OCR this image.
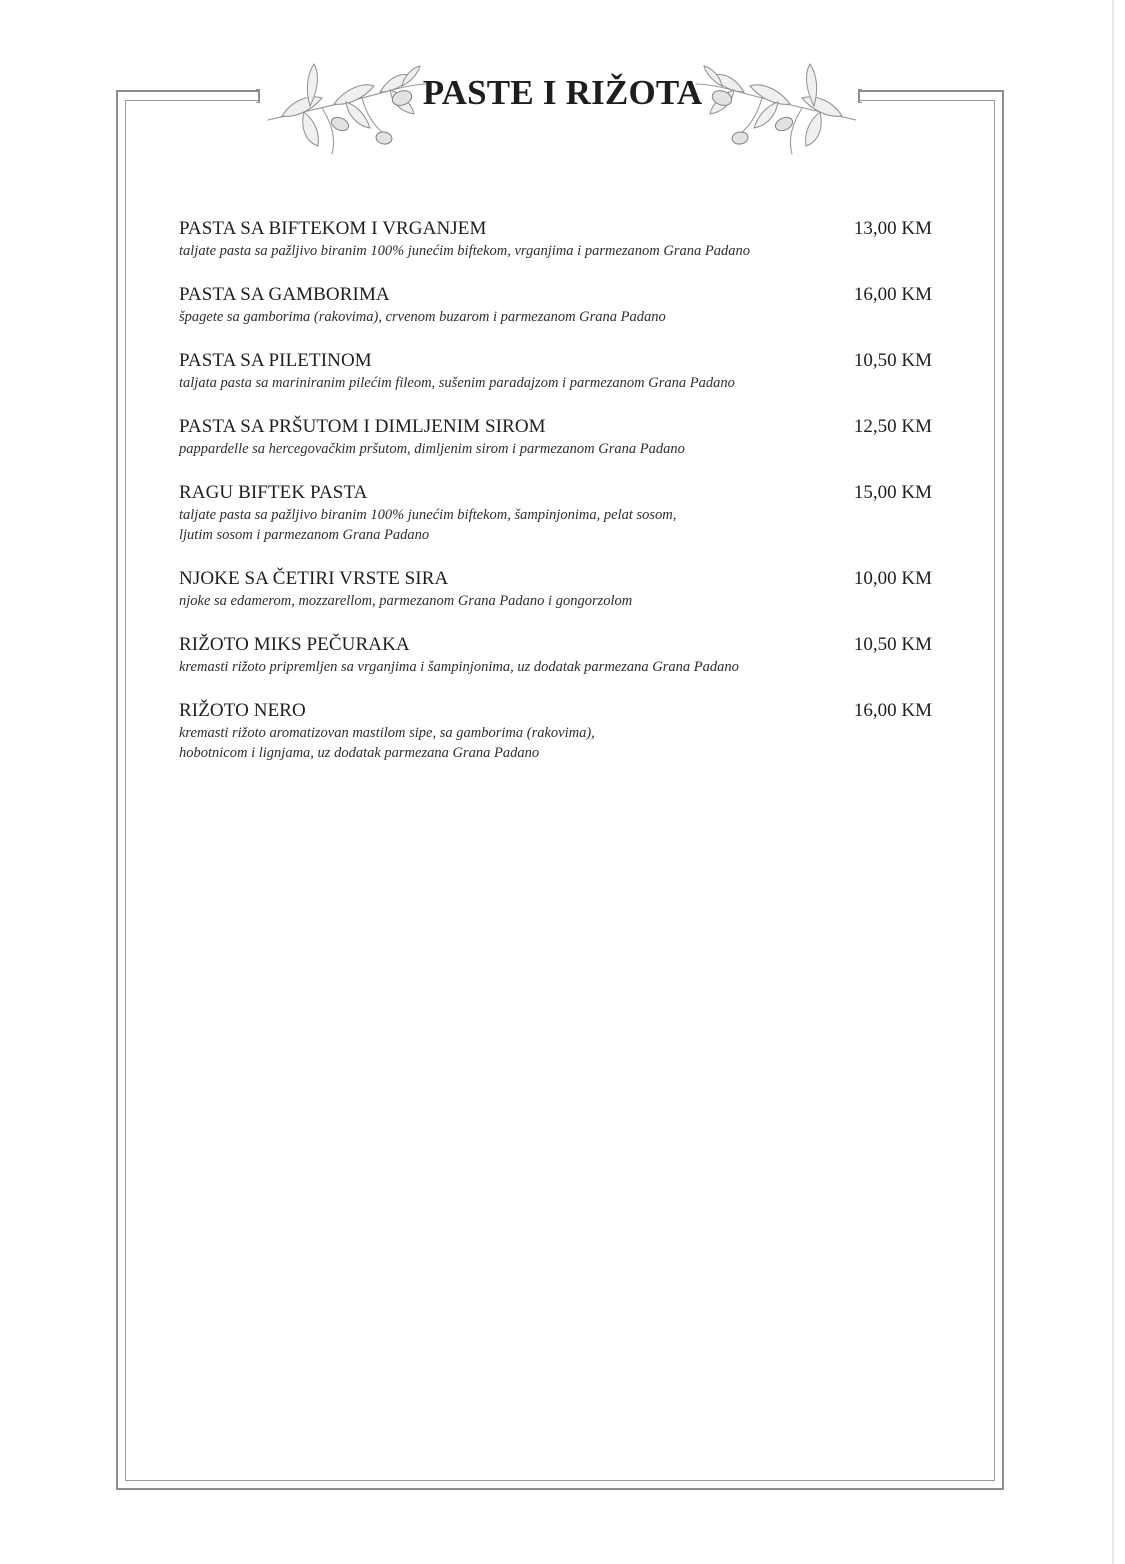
PASTE I RIŽOTA
PASTA SA BIFTEKOM I VRGANJEM	13,00 KM
taljate pasta sa pažljivo biranim 100% junećim biftekom, vrganjima i parmezanom Grana Padano
PASTA SA GAMBORIMA	16,00 KM
špagete sa gamborima (rakovima), crvenom buzarom i parmezanom Grana Padano
PASTA SA PILETINOM	10,50 KM
taljata pasta sa mariniranim pilećim fileom, sušenim paradajzom i parmezanom Grana Padano
PASTA SA PRŠUTOM I DIMLJENIM SIROM	12,50 KM
pappardelle sa hercegovačkim pršutom, dimljenim sirom i parmezanom Grana Padano
RAGU BIFTEK PASTA	15,00 KM
taljate pasta sa pažljivo biranim 100% junećim biftekom, šampinjonima, pelat sosom,
ljutim sosom i parmezanom Grana Padano
NJOKE SA ČETIRI VRSTE SIRA	10,00 KM
njoke sa edamerom, mozzarellom, parmezanom Grana Padano i gongorzolom
RIŽOTO MIKS PEČURAKA	10,50 KM
kremasti rižoto pripremljen sa vrganjima i šampinjonima, uz dodatak parmezana Grana Padano
RIŽOTO NERO	16,00 KM
kremasti rižoto aromatizovan mastilom sipe, sa gamborima (rakovima),
hobotnicom i lignjama, uz dodatak parmezana Grana Padano
